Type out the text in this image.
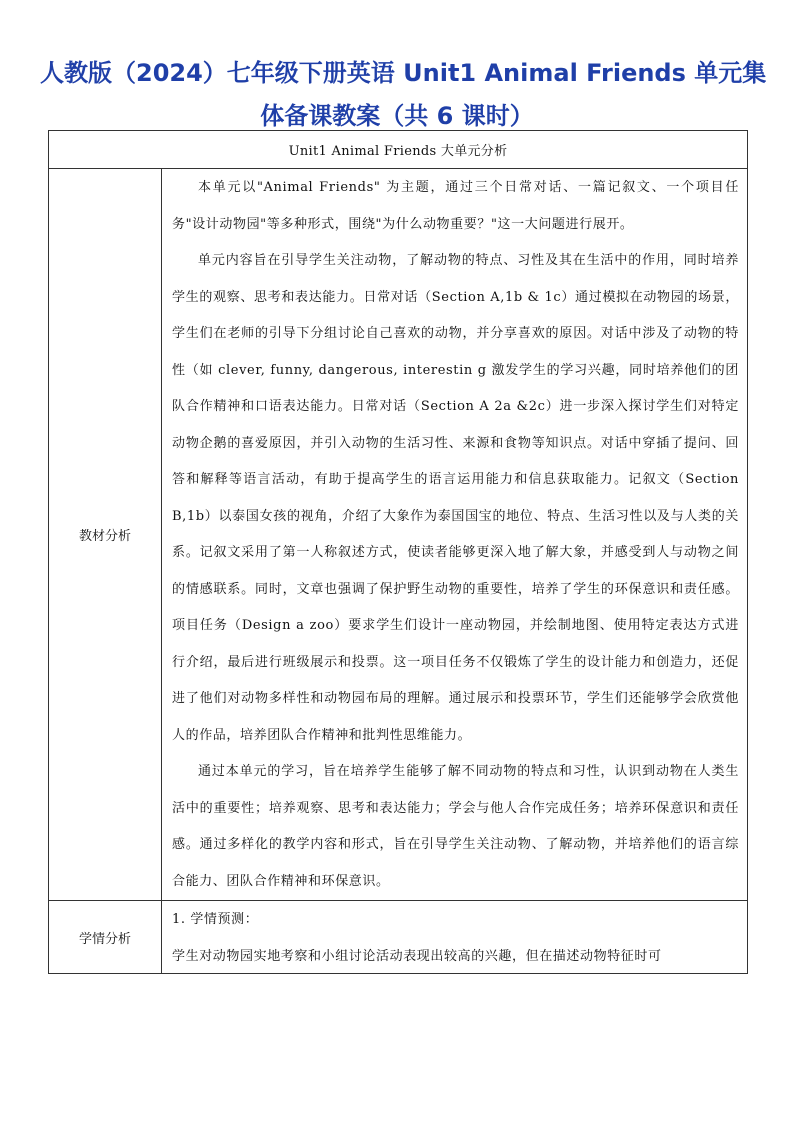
人教版（2024）七年级下册英语 Unit1 Animal Friends 单元集
体备课教案（共 6 课时）
Unit1 Animal Friends 大单元分析	
教材分析	本单元以"Animal Friends" 为主题，通过三个日常对话、一篇记叙文、一个项目任务"设计动物园"等多种形式，围绕"为什么动物重要？"这一大问题进行展开。

单元内容旨在引导学生关注动物，了解动物的特点、习性及其在生活中的作用，同时培养学生的观察、思考和表达能力。日常对话（Section A,1b & 1c）通过模拟在动物园的场景，学生们在老师的引导下分组讨论自己喜欢的动物，并分享喜欢的原因。对话中涉及了动物的特性（如 clever, funny, dangerous, interestin g 激发学生的学习兴趣，同时培养他们的团队合作精神和口语表达能力。日常对话（Section A 2a &2c）进一步深入探讨学生们对特定动物企鹅的喜爱原因，并引入动物的生活习性、来源和食物等知识点。对话中穿插了提问、回答和解释等语言活动，有助于提高学生的语言运用能力和信息获取能力。记叙文（Section B,1b）以泰国女孩的视角，介绍了大象作为泰国国宝的地位、特点、生活习性以及与人类的关系。记叙文采用了第一人称叙述方式，使读者能够更深入地了解大象，并感受到人与动物之间的情感联系。同时，文章也强调了保护野生动物的重要性，培养了学生的环保意识和责任感。项目任务（Design a zoo）要求学生们设计一座动物园，并绘制地图、使用特定表达方式进行介绍，最后进行班级展示和投票。这一项目任务不仅锻炼了学生的设计能力和创造力，还促进了他们对动物多样性和动物园布局的理解。通过展示和投票环节，学生们还能够学会欣赏他人的作品，培养团队合作精神和批判性思维能力。

通过本单元的学习，旨在培养学生能够了解不同动物的特点和习性，认识到动物在人类生活中的重要性；培养观察、思考和表达能力；学会与他人合作完成任务；培养环保意识和责任感。通过多样化的教学内容和形式，旨在引导学生关注动物、了解动物，并培养他们的语言综合能力、团队合作精神和环保意识。

学情分析	1. 学情预测：

学生对动物园实地考察和小组讨论活动表现出较高的兴趣，但在描述动物特征时可
